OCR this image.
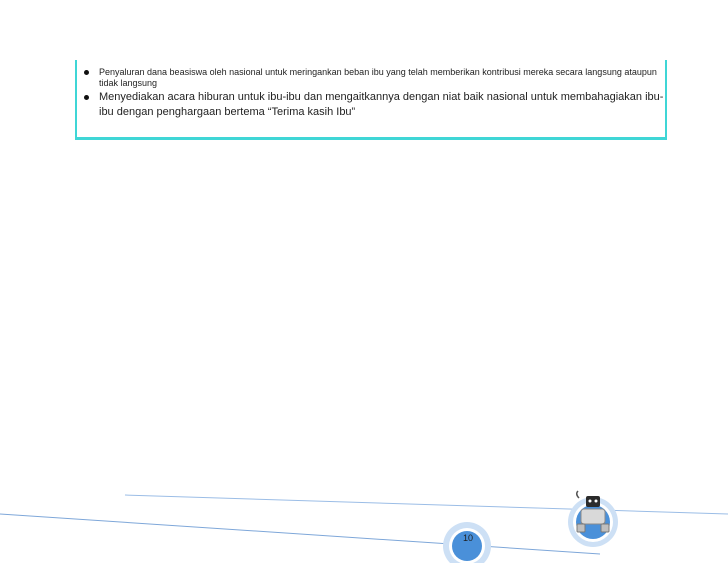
Penyaluran dana beasiswa oleh nasional untuk meringankan beban ibu yang telah memberikan kontribusi mereka secara langsung ataupun tidak langsung
Menyediakan acara hiburan untuk ibu-ibu dan mengaitkannya dengan niat baik nasional untuk membahagiakan ibu-ibu dengan penghargaan bertema “Terima kasih Ibu”
10
